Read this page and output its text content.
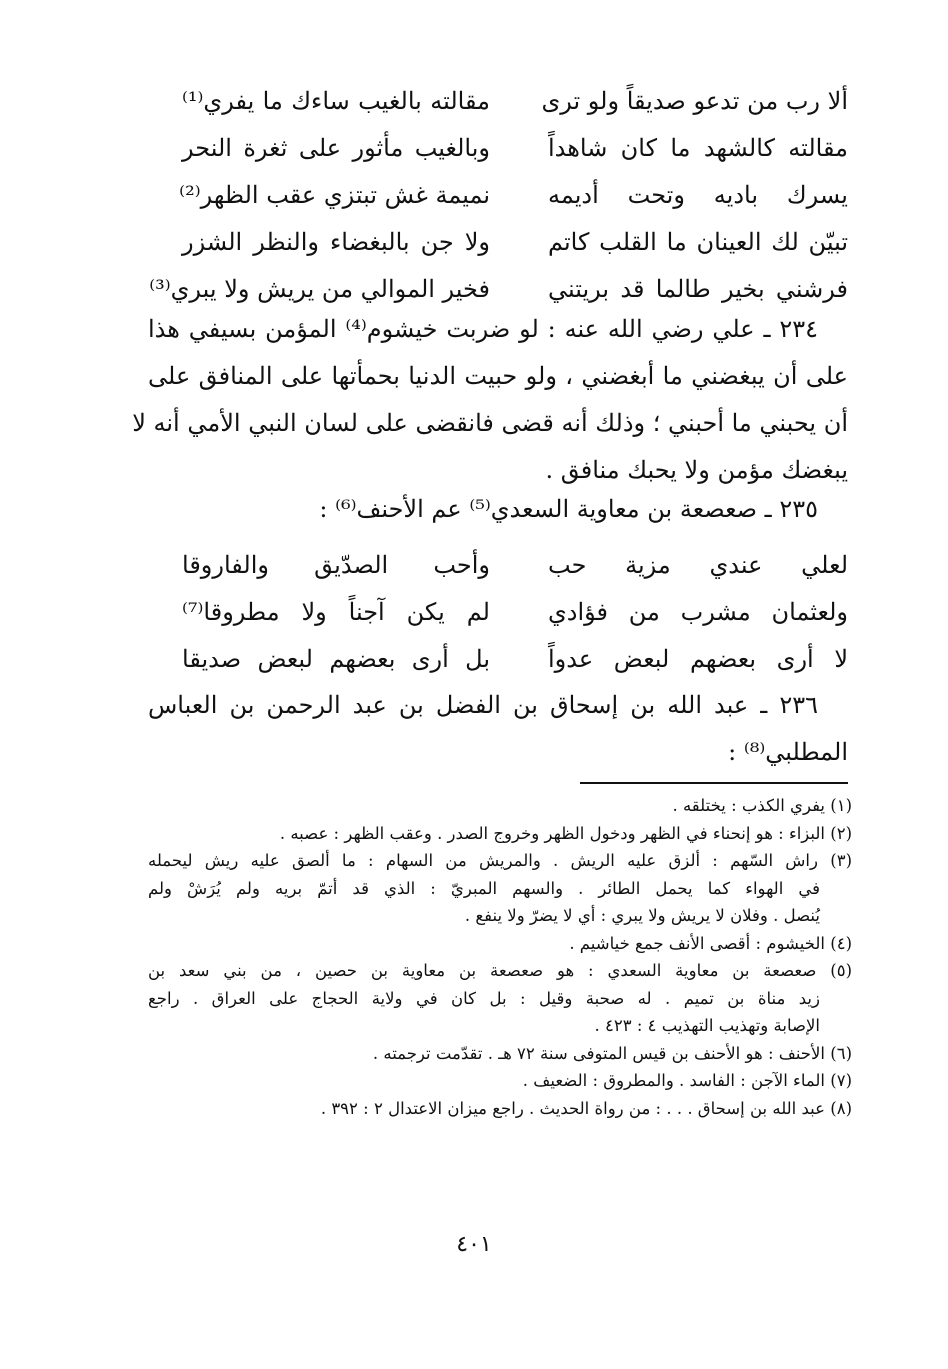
ألا رب من تدعو صديقاً ولو ترى
مقالته بالغيب ساءك ما يفري⁽¹⁾
مقالته كالشهد ما كان شاهداً
وبالغيب مأثور على ثغرة النحر
يسرك باديه وتحت أديمه
نميمة غش تبتزي عقب الظهر⁽²⁾
تبيّن لك العينان ما القلب كاتم
ولا جن بالبغضاء والنظر الشزر
فرشني بخير طالما قد بريتني
فخير الموالي من يريش ولا يبري⁽³⁾
٢٣٤ ـ علي رضي الله عنه : لو ضربت خيشوم⁽⁴⁾ المؤمن بسيفي هذا
على أن يبغضني ما أبغضني ، ولو حبيت الدنيا بحمأتها على المنافق على
أن يحبني ما أحبني ؛ وذلك أنه قضى فانقضى على لسان النبي الأمي أنه لا
يبغضك مؤمن ولا يحبك منافق .
٢٣٥ ـ صعصعة بن معاوية السعدي⁽⁵⁾ عم الأحنف⁽⁶⁾ :
لعلي عندي مزية حب
وأحب الصدّيق والفاروقا
ولعثمان مشرب من فؤادي
لم يكن آجناً ولا مطروقا⁽⁷⁾
لا أرى بعضهم لبعض عدواً
بل أرى بعضهم لبعض صديقا
٢٣٦ ـ عبد الله بن إسحاق بن الفضل بن عبد الرحمن بن العباس
المطلبي⁽⁸⁾ :
(١) يفري الكذب : يختلقه .
(٢) البزاء : هو إنحناء في الظهر ودخول الظهر وخروج الصدر . وعقب الظهر : عصبه .
(٣) راش السّهم : ألزق عليه الريش . والمريش من السهام : ما ألصق عليه ريش ليحمله
في الهواء كما يحمل الطائر . والسهم المبريّ : الذي قد أتمّ بريه ولم يُرَشْ ولم
يُنصل . وفلان لا يريش ولا يبري : أي لا يضرّ ولا ينفع .
(٤) الخيشوم : أقصى الأنف جمع خياشيم .
(٥) صعصعة بن معاوية السعدي : هو صعصعة بن معاوية بن حصين ، من بني سعد بن
زيد مناة بن تميم . له صحبة وقيل : بل كان في ولاية الحجاج على العراق . راجع
الإصابة وتهذيب التهذيب ٤ : ٤٢٣ .
(٦) الأحنف : هو الأحنف بن قيس المتوفى سنة ٧٢ هـ . تقدّمت ترجمته .
(٧) الماء الآجن : الفاسد . والمطروق : الضعيف .
(٨) عبد الله بن إسحاق . . . : من رواة الحديث . راجع ميزان الاعتدال ٢ : ٣٩٢ .
٤٠١
